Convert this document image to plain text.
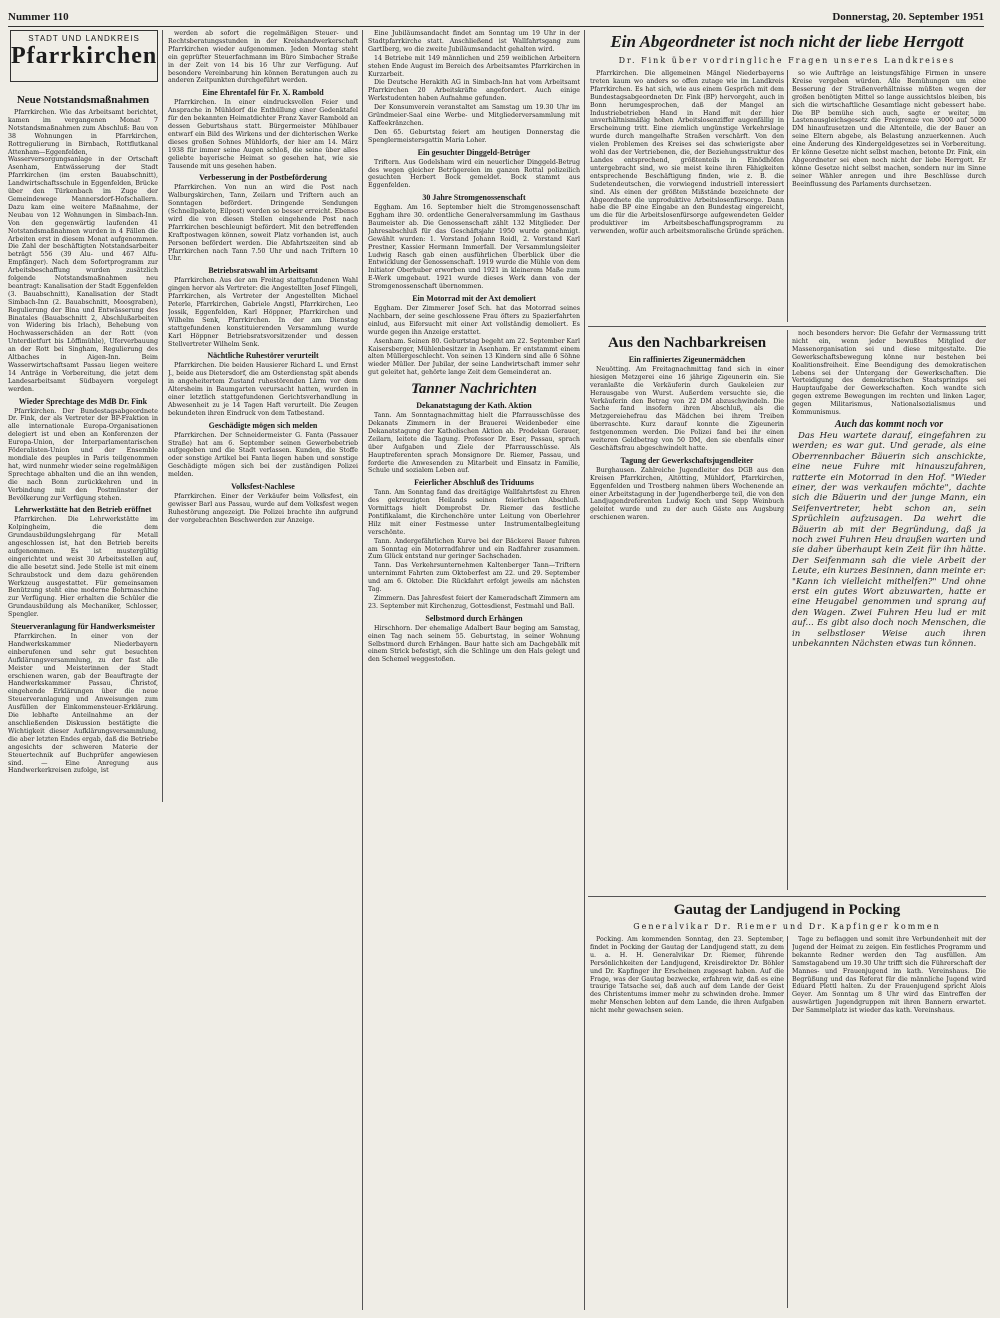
Nummer 110	Donnerstag, 20. September 1951
STADT UND LANDKREIS
Pfarrkirchen
Neue Notstandsmaßnahmen

Pfarrkirchen. Wie das Arbeitsamt berichtet, kamen im vergangenen Monat 7 Notstandsmaßnahmen zum Abschluß: Bau von 38 Wohnungen in Pfarrkirchen, Rottregulierung in Birnbach, Rottflutkanal Attenham—Eggenfelden, Wasserversorgungsanlage in der Ortschaft Asenham, Entwässerung der Stadt Pfarrkirchen (im ersten Bauabschnitt), Landwirtschaftsschule in Eggenfelden, Brücke über den Türkenbach im Zuge der Gemeindewege Mannersdorf-Hofschallern. Dazu kam eine weitere Maßnahme, der Neubau von 12 Wohnungen in Simbach-Inn. Von den gegenwärtig laufenden 41 Notstandsmaßnahmen wurden in 4 Fällen die Arbeiten erst in diesem Monat aufgenommen. Die Zahl der beschäftigten Notstandsarbeiter beträgt 556 (39 Alu- und 467 Alfu-Empfänger). Nach dem Sofortprogramm zur Arbeitsbeschaffung wurden zusätzlich folgende Notstandsmaßnahmen neu beantragt: Kanalisation der Stadt Eggenfelden (3. Bauabschnitt), Kanalisation der Stadt Simbach-Inn (2. Bauabschnitt, Moosgraben), Regulierung der Bina und Entwässerung des Binatales (Bauabschnitt 2, Abschlußarbeiten von Widering bis Irlach), Behebung von Hochwasserschäden an der Rott (von Unterdietfurt bis Löffimühle), Uferverbauung an der Rott bei Singham, Regulierung des Altbaches in Aigen-Inn. Beim Wasserwirtschaftsamt Passau liegen weitere 14 Anträge in Vorbereitung, die jetzt dem Landesarbeitsamt Südbayern vorgelegt werden.

Wieder Sprechtage des MdB Dr. Fink

Pfarrkirchen. Der Bundestagsabgeordnete Dr. Fink, der als Vertreter der BP-Fraktion in alle internationale Europa-Organisationen delegiert ist und eben an Konferenzen der Europa-Union, der Interparlamentarischen Föderalisten-Union und der Ensemble mondiale des peuples in Paris teilgenommen hat, wird nunmehr wieder seine regelmäßigen Sprechtage abhalten und die an ihn wenden, die nach Bonn zurückkehren und in Verbindung mit den Postmünster der Bevölkerung zur Verfügung stehen.

Lehrwerkstätte hat den Betrieb eröffnet

Pfarrkirchen. Die Lehrwerkstätte im Kolpingheim, die dem Grundausbildungslehrgang für Metall angeschlossen ist, hat den Betrieb bereits aufgenommen. Es ist mustergültig eingerichtet und weist 30 Arbeitsstellen auf, die alle besetzt sind. Jede Stelle ist mit einem Schraubstock und dem dazu gehörenden Werkzeug ausgestattet. Für gemeinsamen Benützung steht eine moderne Bohrmaschine zur Verfügung. Hier erhalten die Schüler die Grundausbildung als Mechaniker, Schlosser, Spengler.

Steuerveranlagung für Handwerksmeister

Pfarrkirchen. In einer von der Handwerkskammer Niederbayern einberufenen und sehr gut besuchten Aufklärungsversammlung, zu der fast alle Meister und Meisterinnen der Stadt erschienen waren, gab der Beauftragte der Handwerkskammer Passau, Christof, eingehende Erklärungen über die neue Steuerveranlagung und Anweisungen zum Ausfüllen der Einkommensteuer-Erklärung. Die lebhafte Anteilnahme an der anschließenden Diskussion bestätigte die Wichtigkeit dieser Aufklärungsversammlung, die aber letzten Endes ergab, daß die Betriebe angesichts der schweren Materie der Steuertechnik auf Buchprüfer angewiesen sind. — Eine Anregung aus Handwerkerkreisen zufolge, ist

werden ab sofort die regelmäßigen Steuer- und Rechtsberatungsstunden in der Kreishandwerkerschaft Pfarrkirchen wieder aufgenommen. Jeden Montag steht ein geprüfter Steuerfachmann im Büro Simbacher Straße in der Zeit von 14 bis 16 Uhr zur Verfügung. Auf besondere Vereinbarung hin können Beratungen auch zu anderen Zeitpunkten durchgeführt werden.

Eine Ehrentafel für Fr. X. Rambold

Pfarrkirchen. In einer eindrucksvollen Feier und Ansprache in Mühldorf die Enthüllung einer Gedenktafel für den bekannten Heimatdichter Franz Xaver Rambold an dessen Geburtshaus statt. Bürgermeister Mühlbauer entwarf ein Bild des Wirkens und der dichterischen Werke dieses großen Sohnes Mühldorfs, der hier am 14. März 1938 für immer seine Augen schloß, die seine über alles geliebte bayerische Heimat so gesehen hat, wie sie Tausende mit uns gesehen haben.

Verbesserung in der Postbeförderung

Pfarrkirchen. Von nun an wird die Post nach Walburgskirchen, Tann, Zeilarn und Triftern auch an Sonntagen befördert. Dringende Sendungen (Schnellpakete, Eilpost) werden so besser erreicht. Ebenso wird die von diesen Stellen eingehende Post nach Pfarrkirchen beschleunigt befördert. Mit den betreffenden Kraftpostwagen können, soweit Platz vorhanden ist, auch Personen befördert werden. Die Abfahrtszeiten sind ab Pfarrkirchen nach Tann 7.50 Uhr und nach Triftern 10 Uhr.

Betriebsratswahl im Arbeitsamt

Pfarrkirchen. Aus der am Freitag stattgefundenen Wahl gingen hervor als Vertreter: die Angestellten Josef Flingeli, Pfarrkirchen, als Vertreter der Angestellten Michael Peterle, Pfarrkirchen, Gabriele Angstl, Pfarrkirchen, Leo Jossik, Eggenfelden, Karl Höppner, Pfarrkirchen und Wilhelm Senk, Pfarrkirchen. In der am Dienstag stattgefundenen konstituierenden Versammlung wurde Karl Höppner Betriebsratsvorsitzender und dessen Stellvertreter Wilhelm Senk.

Nächtliche Ruhestörer verurteilt

Pfarrkirchen. Die beiden Hausierer Richard L. und Ernst J., beide aus Dietersdorf, die am Osterdienstag spät abends in angeheitertem Zustand ruhestörenden Lärm vor dem Altersheim in Baumgarten verursacht hatten, wurden in einer letztlich stattgefundenen Gerichtsverhandlung in Abwesenheit zu je 14 Tagen Haft verurteilt. Die Zeugen bekundeten ihren Eindruck von dem Tatbestand.

Geschädigte mögen sich melden

Pfarrkirchen. Der Schneidermeister G. Fanta (Passauer Straße) hat am 6. September seinen Gewerbebetrieb aufgegeben und die Stadt verlassen. Kunden, die Stoffe oder sonstige Artikel bei Fanta liegen haben und sonstige Geschädigte mögen sich bei der zuständigen Polizei melden.

Volksfest-Nachlese

Pfarrkirchen. Einer der Verkäufer beim Volksfest, ein gewisser Barl aus Passau, wurde auf dem Volksfest wegen Ruhestörung angezeigt. Die Polizei brachte ihn aufgrund der vorgebrachten Beschwerden zur Anzeige.

Eine Jubiläumsandacht findet am Sonntag um 19 Uhr in der Stadtpfarrkirche statt. Anschließend ist Wallfahrtsgang zum Gartlberg, wo die zweite Jubiläumsandacht gehalten wird.

14 Betriebe mit 149 männlichen und 259 weiblichen Arbeitern stehen Ende August im Bereich des Arbeitsamtes Pfarrkirchen in Kurzarbeit.

Die Deutsche Herakith AG in Simbach-Inn hat vom Arbeitsamt Pfarrkirchen 20 Arbeitskräfte angefordert. Auch einige Werkstudenten haben Aufnahme gefunden.

Der Konsumverein veranstaltet am Samstag um 19.30 Uhr im Gründmeier-Saal eine Werbe- und Mitgliederversammlung mit Kaffeekränzchen.

Den 65. Geburtstag feiert am heutigen Donnerstag die Spenglermeistersgattin Maria Loher.

Ein gesuchter Dinggeld-Betrüger

Triftern. Aus Godelsham wird ein neuerlicher Dinggeld-Betrug des wegen gleicher Betrügereien im ganzen Rottal polizeilich gesuchten Herbert Bock gemeldet. Bock stammt aus Eggenfelden.

30 Jahre Stromgenossenschaft

Eggham. Am 16. September hielt die Stromgenossenschaft Eggham ihre 30. ordentliche Generalversammlung im Gasthaus Baumeister ab. Die Genossenschaft zählt 132 Mitglieder. Der Jahresabschluß für das Geschäftsjahr 1950 wurde genehmigt. Gewählt wurden: 1. Vorstand Johann Roidl, 2. Vorstand Karl Prestner, Kassier Hermann Immerfall. Der Versammlungsleiter Ludwig Rasch gab einen ausführlichen Überblick über die Entwicklung der Genossenschaft. 1919 wurde die Mühle von dem Initiator Oberhuber erworben und 1921 in kleinerem Maße zum E-Werk umgebaut. 1921 wurde dieses Werk dann von der Stromgenossenschaft übernommen.

Ein Motorrad mit der Axt demoliert

Eggham. Der Zimmerer Josef Sch. hat das Motorrad seines Nachbarn, der seine geschlossene Frau öfters zu Spazierfahrten einlud, aus Eifersucht mit einer Axt vollständig demoliert. Es wurde gegen ihn Anzeige erstattet.

Asenham. Seinen 80. Geburtstag begeht am 22. September Karl Kaisersberger, Mühlenbesitzer in Asenham. Er entstammt einem alten Müllergeschlecht. Von seinen 13 Kindern sind alle 6 Söhne wieder Müller. Der Jubilar, der seine Landwirtschaft immer sehr gut geleitet hat, gehörte lange Zeit dem Gemeinderat an.

Tanner Nachrichten
Dekanatstagung der Kath. Aktion

Tann. Am Sonntagnachmittag hielt die Pfarrausschüsse des Dekanats Zimmern in der Brauerei Weidenbeder eine Dekanatstagung der Katholischen Aktion ab. Prodekan Gerauer, Zeilarn, leitete die Tagung. Professor Dr. Eser, Passau, sprach über Aufgaben und Ziele der Pfarrausschüsse. Als Hauptreferenten sprach Monsignore Dr. Riemer, Passau, und forderte die Anwesenden zu Mitarbeit und Einsatz in Familie, Schule und sozialem Leben auf.

Feierlicher Abschluß des Triduums

Tann. Am Sonntag fand das dreitägige Wallfahrtsfest zu Ehren des gekreuzigten Heilands seinen feierlichen Abschluß. Vormittags hielt Domprobst Dr. Riemer das festliche Pontifikalamt, die Kirchenchöre unter Leitung von Oberlehrer Hilz mit einer Festmesse unter Instrumentalbegleitung verschönte.

Tann. Andergefährlichen Kurve bei der Bäckerei Bauer fuhren am Sonntag ein Motorradfahrer und ein Radfahrer zusammen. Zum Glück entstand nur geringer Sachschaden.

Tann. Das Verkehrsunternehmen Kaltenberger Tann—Triftern unternimmt Fahrten zum Oktoberfest am 22. und 29. September und am 6. Oktober. Die Rückfahrt erfolgt jeweils am nächsten Tag.

Zimmern. Das Jahresfest feiert der Kameradschaft Zimmern am 23. September mit Kirchenzug, Gottesdienst, Festmahl und Ball.

Selbstmord durch Erhängen

Hirschhorn. Der ehemalige Adalbert Baur beging am Samstag, einen Tag nach seinem 55. Geburtstag, in seiner Wohnung Selbstmord durch Erhängen. Baur hatte sich am Dachgebälk mit einem Strick befestigt, sich die Schlinge um den Hals gelegt und den Schemel weggestoßen.

Ein Abgeordneter ist noch nicht der liebe Herrgott
Dr. Fink über vordringliche Fragen unseres Landkreises

Pfarrkirchen. Die allgemeinen Mängel Niederbayerns treten kaum wo anders so offen zutage wie im Landkreis Pfarrkirchen. Es hat sich, wie aus einem Gespräch mit dem Bundestagsabgeordneten Dr. Fink (BP) hervorgeht, auch in Bonn herumgesprochen, daß der Mangel an Industriebetrieben Hand in Hand mit der hier unverhältnismäßig hohen Arbeitslosenziffer augenfällig in Erscheinung tritt. Eine ziemlich ungünstige Verkehrslage wurde durch mangelhafte Straßen verschärft. Von den vielen Problemen des Kreises sei das schwierigste aber wohl das der Vertriebenen, die, der Beziehungsstruktur des Landes entsprechend, größtenteils in Einödhöfen untergebracht sind, wo sie meist keine ihren Fähigkeiten entsprechende Beschäftigung finden, wie z. B. die Sudetendeutschen, die vorwiegend industriell interessiert sind. Als einen der größten Mißstände bezeichnete der Abgeordnete die unproduktive Arbeitslosenfürsorge. Dann habe die BP eine Eingabe an den Bundestag eingereicht, um die für die Arbeitslosenfürsorge aufgewendeten Gelder produktiver im Arbeitsbeschaffungsprogramm zu verwenden, wofür auch arbeitsmoralische Gründe sprächen.

so wie Aufträge an leistungsfähige Firmen in unsere Kreise vergeben würden. Alle Bemühungen um eine Besserung der Straßenverhältnisse müßten wegen der großen benötigten Mittel so lange aussichtslos bleiben, bis sich die wirtschaftliche Gesamtlage nicht gebessert habe. Die BP bemühe sich auch, sagte er weiter, im Lastenausgleichsgesetz die Freigrenze von 3000 auf 5000 DM hinaufzusetzen und die Altenteile, die der Bauer an seine Eltern abgebe, als Belastung anzuerkennen. Auch eine Änderung des Kindergeldgesetzes sei in Vorbereitung. Er könne Gesetze nicht selbst machen, betonte Dr. Fink, ein Abgeordneter sei eben noch nicht der liebe Herrgott. Er könne Gesetze nicht selbst machen, sondern nur im Sinne seiner Wähler anregen und ihre Beschlüsse durch Beeinflussung des Parlaments durchsetzen.

Aus den Nachbarkreisen
Ein raffiniertes Zigeunermädchen

Neuötting. Am Freitagnachmittag fand sich in einer hiesigen Metzgerei eine 16 jährige Zigeunerin ein. Sie veranlaßte die Verkäuferin durch Gaukeleien zur Herausgabe von Wurst. Außerdem versuchte sie, die Verkäuferin den Betrag von 22 DM abzuschwindeln. Die Sache fand insofern ihren Abschluß, als die Metzgereiehefrau das Mädchen bei ihrem Treiben überraschte. Kurz darauf konnte die Zigeunerin festgenommen werden. Die Polizei fand bei ihr einen weiteren Geldbetrag von 50 DM, den sie ebenfalls einer Geschäftsfrau abgeschwindelt hatte.

Tagung der Gewerkschaftsjugendleiter

Burghausen. Zahlreiche Jugendleiter des DGB aus den Kreisen Pfarrkirchen, Altötting, Mühldorf, Pfarrkirchen, Eggenfelden und Trostberg nahmen übers Wochenende an einer Arbeitstagung in der Jugendherberge teil, die von den Landjugendreferenten Ludwig Koch und Sepp Weinbuch geleitet wurde und zu der auch Gäste aus Augsburg erschienen waren.

noch besonders hervor: Die Gefahr der Vermassung tritt nicht ein, wenn jeder bewußtes Mitglied der Massenorganisation sei und diese mitgestalte. Die Gewerkschaftsbewegung könne nur bestehen bei Koalitionsfreiheit. Eine Beendigung des demokratischen Lebens sei der Untergang der Gewerkschaften. Die Verteidigung des demokratischen Staatsprinzips sei Hauptaufgabe der Gewerkschaften. Koch wandte sich gegen extreme Bewegungen im rechten und linken Lager, gegen Militarismus, Nationalsozialismus und Kommunismus.

Auch das kommt noch vor

Das Heu wartete darauf, eingefahren zu werden; es war gut. Und gerade, als eine Oberrennbacher Bäuerin sich anschickte, eine neue Fuhre mit hinauszufahren, ratterte ein Motorrad in den Hof. "Wieder einer, der was verkaufen möchte", dachte sich die Bäuerin und der junge Mann, ein Seifenvertreter, hebt schon an, sein Sprüchlein aufzusagen. Da wehrt die Bäuerin ab mit der Begründung, daß ja noch zwei Fuhren Heu draußen warten und sie daher überhaupt kein Zeit für ihn hätte. Der Seifenmann sah die viele Arbeit der Leute, ein kurzes Besinnen, dann meinte er: "Kann ich vielleicht mithelfen?" Und ohne erst ein gutes Wort abzuwarten, hatte er eine Heugabel genommen und sprang auf den Wagen. Zwei Fuhren Heu lud er mit auf... Es gibt also doch noch Menschen, die in selbstloser Weise auch ihren unbekannten Nächsten etwas tun können.

Gautag der Landjugend in Pocking
Generalvikar Dr. Riemer und Dr. Kapfinger kommen

Pocking. Am kommenden Sonntag, den 23. September, findet in Pocking der Gautag der Landjugend statt, zu dem u. a. H. H. Generalvikar Dr. Riemer, führende Persönlichkeiten der Landjugend, Kreisdirektor Dr. Böhler und Dr. Kapfinger ihr Erscheinen zugesagt haben. Auf die Frage, was der Gautag bezwecke, erfahren wir, daß es eine traurige Tatsache sei, daß auch auf dem Lande der Geist des Christentums immer mehr zu schwinden drohe. Immer mehr Menschen lebten auf dem Lande, die ihren Aufgaben nicht mehr gewachsen seien.

Tage zu beflaggen und somit ihre Verbundenheit mit der Jugend der Heimat zu zeigen. Ein festliches Programm und bekannte Redner werden den Tag ausfüllen. Am Samstagabend um 19.30 Uhr trifft sich die Führerschaft der Mannes- und Frauenjugend im kath. Vereinshaus. Die Begrüßung und das Referat für die männliche Jugend wird Eduard Plettl halten. Zu der Frauenjugend spricht Alois Geyer. Am Sonntag um 8 Uhr wird das Eintreffen der auswärtigen Jugendgruppen mit ihren Bannern erwartet. Der Sammelplatz ist wieder das kath. Vereinshaus.
